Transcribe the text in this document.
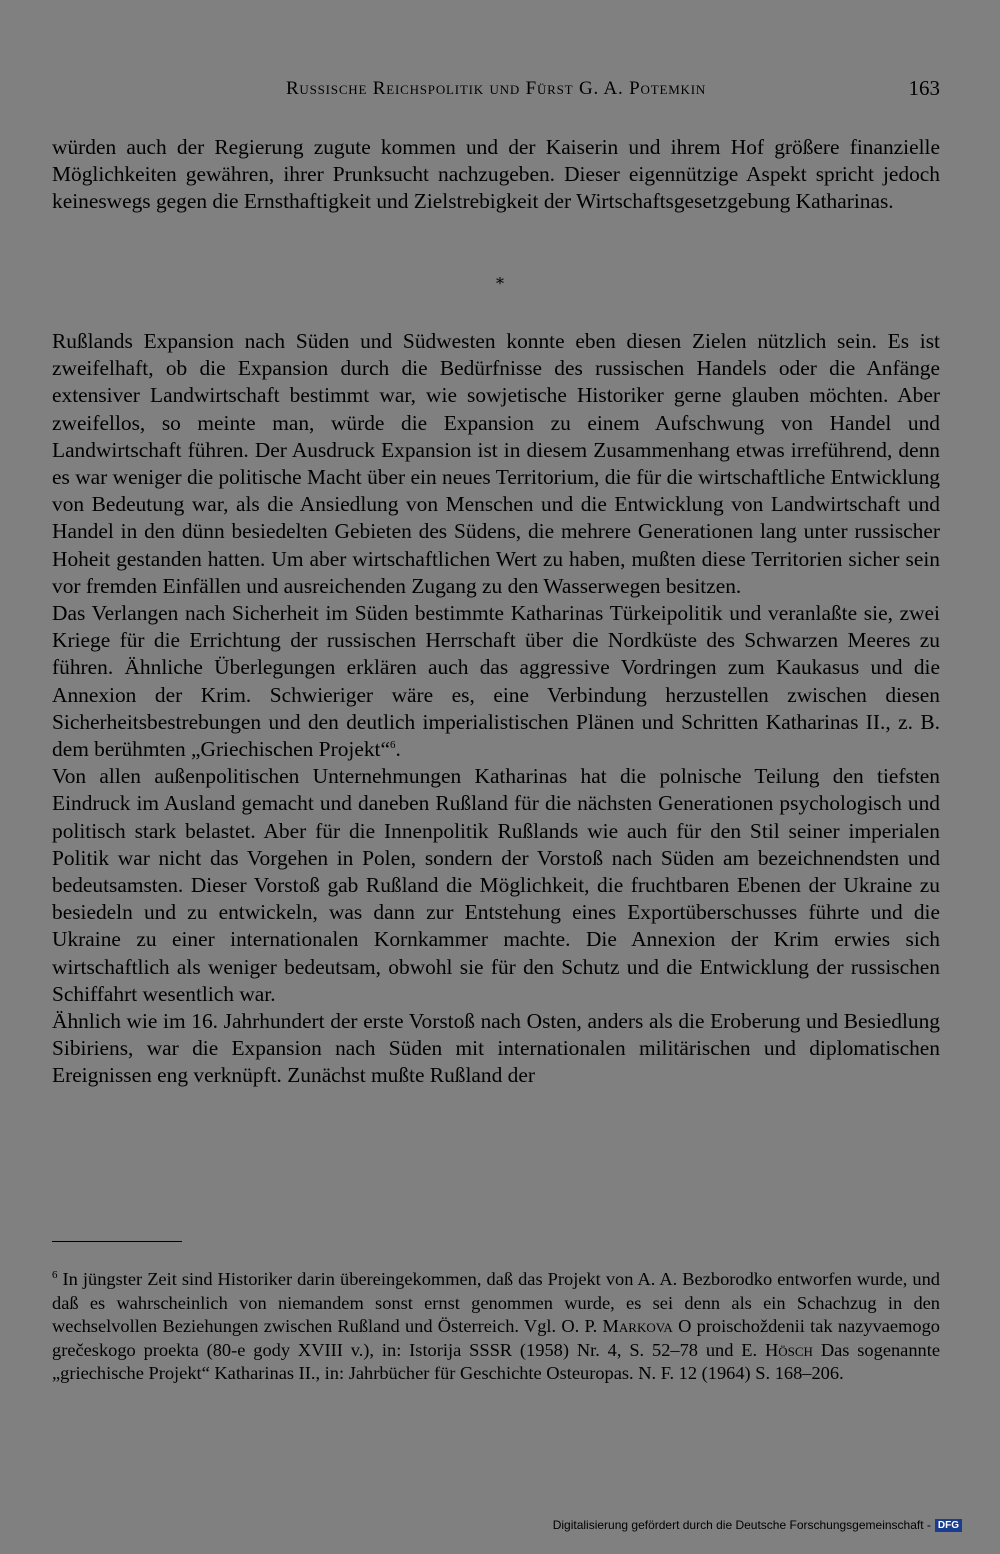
Russische Reichspolitik und Fürst G. A. Potemkin	163

würden auch der Regierung zugute kommen und der Kaiserin und ihrem Hof größere finanzielle Möglichkeiten gewähren, ihrer Prunksucht nachzugeben. Dieser eigennützige Aspekt spricht jedoch keineswegs gegen die Ernsthaftigkeit und Zielstrebigkeit der Wirtschaftsgesetzgebung Katharinas.

*

Rußlands Expansion nach Süden und Südwesten konnte eben diesen Zielen nützlich sein. Es ist zweifelhaft, ob die Expansion durch die Bedürfnisse des russischen Handels oder die Anfänge extensiver Landwirtschaft bestimmt war, wie sowjetische Historiker gerne glauben möchten. Aber zweifellos, so meinte man, würde die Expansion zu einem Aufschwung von Handel und Landwirtschaft führen. Der Ausdruck Expansion ist in diesem Zusammenhang etwas irreführend, denn es war weniger die politische Macht über ein neues Territorium, die für die wirtschaftliche Entwicklung von Bedeutung war, als die Ansiedlung von Menschen und die Entwicklung von Landwirtschaft und Handel in den dünn besiedelten Gebieten des Südens, die mehrere Generationen lang unter russischer Hoheit gestanden hatten. Um aber wirtschaftlichen Wert zu haben, mußten diese Territorien sicher sein vor fremden Einfällen und ausreichenden Zugang zu den Wasserwegen besitzen.

Das Verlangen nach Sicherheit im Süden bestimmte Katharinas Türkeipolitik und veranlaßte sie, zwei Kriege für die Errichtung der russischen Herrschaft über die Nordküste des Schwarzen Meeres zu führen. Ähnliche Überlegungen erklären auch das aggressive Vordringen zum Kaukasus und die Annexion der Krim. Schwieriger wäre es, eine Verbindung herzustellen zwischen diesen Sicherheitsbestrebungen und den deutlich imperialistischen Plänen und Schritten Katharinas II., z. B. dem berühmten „Griechischen Projekt“$^6$.

Von allen außenpolitischen Unternehmungen Katharinas hat die polnische Teilung den tiefsten Eindruck im Ausland gemacht und daneben Rußland für die nächsten Generationen psychologisch und politisch stark belastet. Aber für die Innenpolitik Rußlands wie auch für den Stil seiner imperialen Politik war nicht das Vorgehen in Polen, sondern der Vorstoß nach Süden am bezeichnendsten und bedeutsamsten. Dieser Vorstoß gab Rußland die Möglichkeit, die fruchtbaren Ebenen der Ukraine zu besiedeln und zu entwickeln, was dann zur Entstehung eines Exportüberschusses führte und die Ukraine zu einer internationalen Kornkammer machte. Die Annexion der Krim erwies sich wirtschaftlich als weniger bedeutsam, obwohl sie für den Schutz und die Entwicklung der russischen Schiffahrt wesentlich war.

Ähnlich wie im 16. Jahrhundert der erste Vorstoß nach Osten, anders als die Eroberung und Besiedlung Sibiriens, war die Expansion nach Süden mit internationalen militärischen und diplomatischen Ereignissen eng verknüpft. Zunächst mußte Rußland der

$^6$ In jüngster Zeit sind Historiker darin übereingekommen, daß das Projekt von A. A. Bezborodko entworfen wurde, und daß es wahrscheinlich von niemandem sonst ernst genommen wurde, es sei denn als ein Schachzug in den wechselvollen Beziehungen zwischen Rußland und Österreich. Vgl. O. P. Markova O proischoždenii tak nazyvaemogo grečeskogo proekta (80-e gody XVIII v.), in: Istorija SSSR (1958) Nr. 4, S. 52–78 und E. Hösch Das sogenannte „griechische Projekt“ Katharinas II., in: Jahrbücher für Geschichte Osteuropas. N. F. 12 (1964) S. 168–206.

Digitalisierung gefördert durch die Deutsche Forschungsgemeinschaft - DFG
